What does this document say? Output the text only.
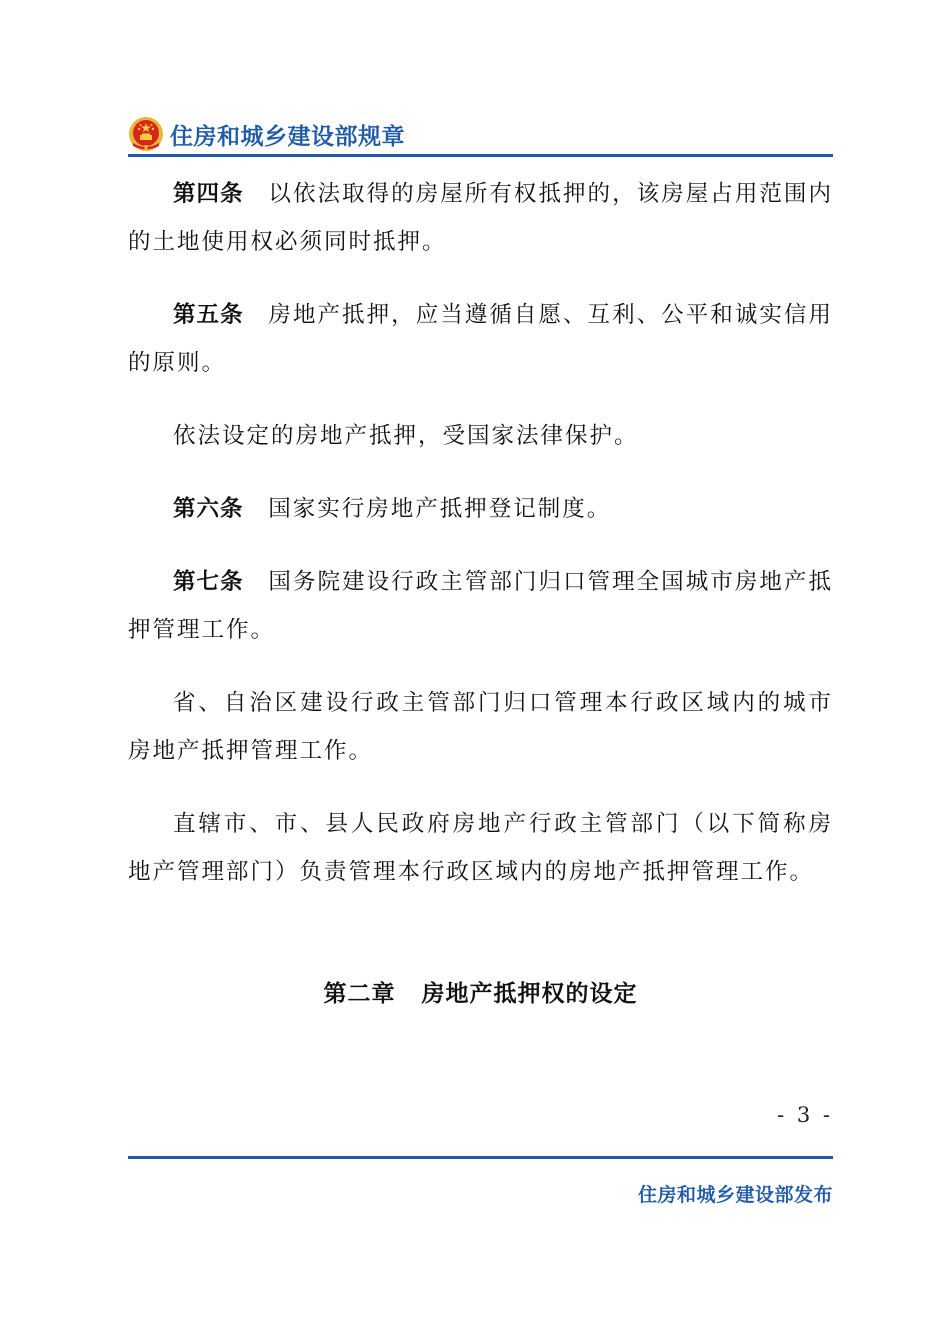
住房和城乡建设部规章

第四条 以依法取得的房屋所有权抵押的，该房屋占用范围内的土地使用权必须同时抵押。

第五条 房地产抵押，应当遵循自愿、互利、公平和诚实信用的原则。

依法设定的房地产抵押，受国家法律保护。

第六条 国家实行房地产抵押登记制度。

第七条 国务院建设行政主管部门归口管理全国城市房地产抵押管理工作。

省、自治区建设行政主管部门归口管理本行政区域内的城市房地产抵押管理工作。

直辖市、市、县人民政府房地产行政主管部门（以下简称房地产管理部门）负责管理本行政区域内的房地产抵押管理工作。

第二章 房地产抵押权的设定
- 3 -
住房和城乡建设部发布
